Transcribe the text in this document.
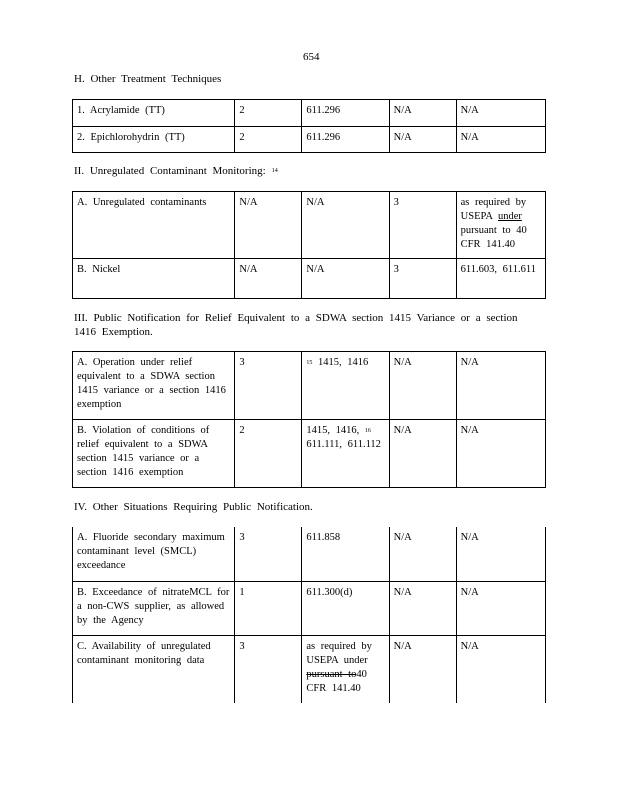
654
H. Other Treatment Techniques
1. Acrylamide (TT)	2	611.296	N/A	N/A
2. Epichlorohydrin (TT)	2	611.296	N/A	N/A
II. Unregulated Contaminant Monitoring: $^{14}$
A. Unregulated contaminants	N/A	N/A	3	as required by USEPA under pursuant to 40 CFR 141.40
B. Nickel	N/A	N/A	3	611.603, 611.611
III. Public Notification for Relief Equivalent to a SDWA section 1415 Variance or a section 1416 Exemption.
A. Operation under relief equivalent to a SDWA section 1415 variance or a section 1416 exemption	3	$^{15}$ 1415, 1416	N/A	N/A
B. Violation of conditions of relief equivalent to a SDWA section 1415 variance or a section 1416 exemption	2	1415, 1416, $^{16}$ 611.111, 611.112	N/A	N/A
IV. Other Situations Requiring Public Notification.
A. Fluoride secondary maximum contaminant level (SMCL) exceedance	3	611.858	N/A	N/A
B. Exceedance of nitrateMCL for a non-CWS supplier, as allowed by the Agency	1	611.300(d)	N/A	N/A
C. Availability of unregulated contaminant monitoring data	3	as required by USEPA under pursuant to40 CFR 141.40	N/A	N/A
